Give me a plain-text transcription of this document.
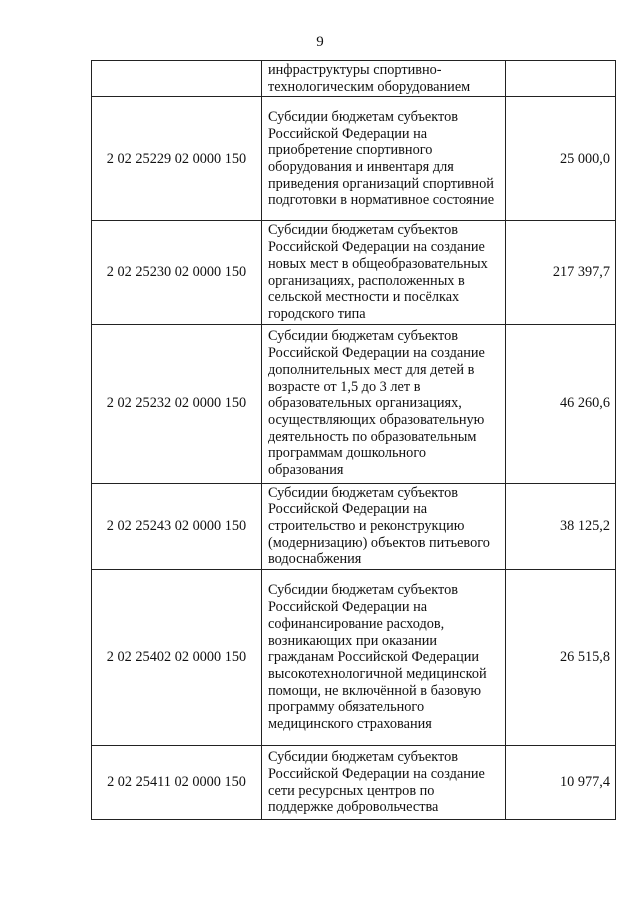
9
	инфраструктуры спортивно-технологическим оборудованием	
2 02 25229 02 0000 150	Субсидии бюджетам субъектов Российской Федерации на приобретение спортивного оборудования и инвентаря для приведения организаций спортивной подготовки в нормативное состояние	25 000,0
2 02 25230 02 0000 150	Субсидии бюджетам субъектов Российской Федерации на создание новых мест в общеобразовательных организациях, расположенных в сельской местности и посёлках городского типа	217 397,7
2 02 25232 02 0000 150	Субсидии бюджетам субъектов Российской Федерации на создание дополнительных мест для детей в возрасте от 1,5 до 3 лет в образовательных организациях, осуществляющих образовательную деятельность по образовательным программам дошкольного образования	46 260,6
2 02 25243 02 0000 150	Субсидии бюджетам субъектов Российской Федерации на строительство и реконструкцию (модернизацию) объектов питьевого водоснабжения	38 125,2
2 02 25402 02 0000 150	Субсидии бюджетам субъектов Российской Федерации на софинансирование расходов, возникающих при оказании гражданам Российской Федерации высокотехнологичной медицинской помощи, не включённой в базовую программу обязательного медицинского страхования	26 515,8
2 02 25411 02 0000 150	Субсидии бюджетам субъектов Российской Федерации на создание сети ресурсных центров по поддержке добровольчества	10 977,4
